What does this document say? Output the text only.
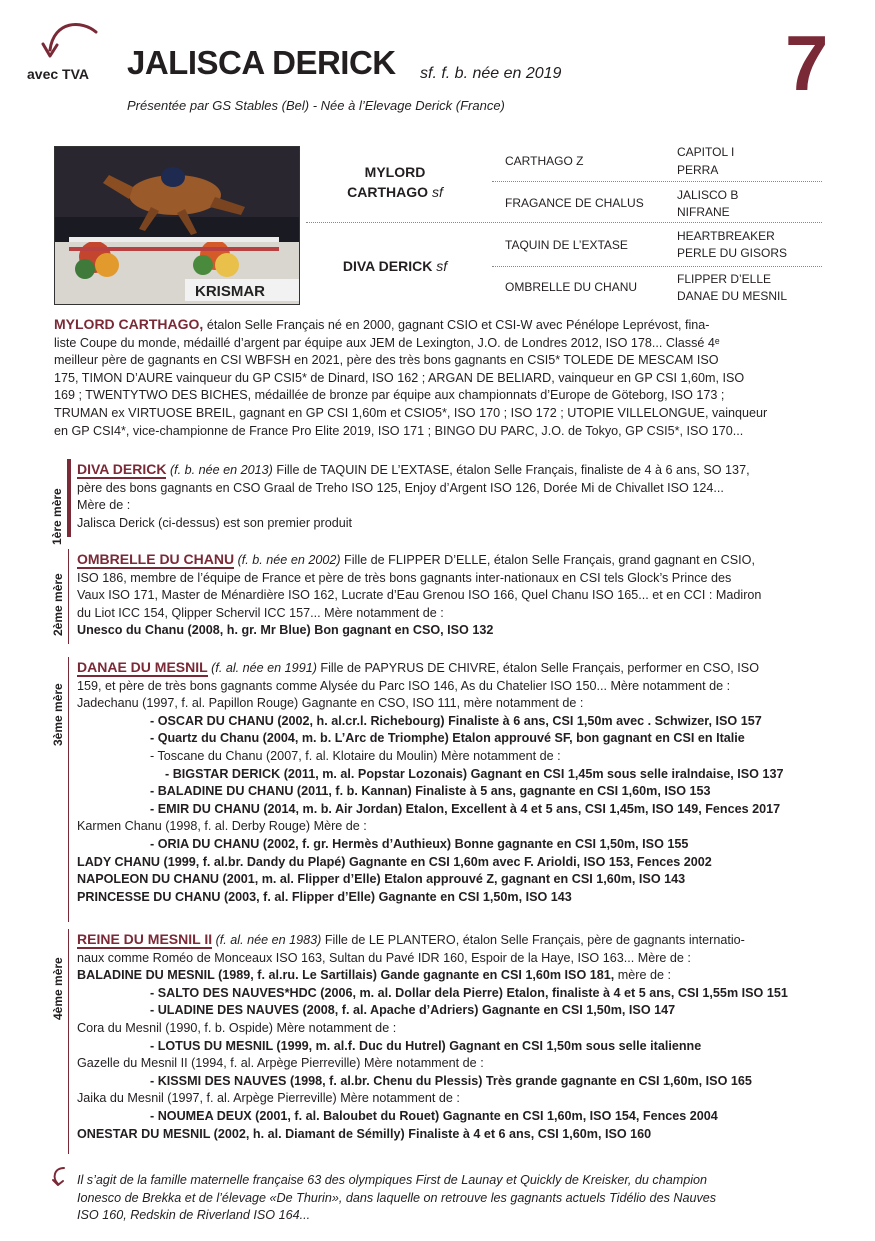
avec TVA JALISCA DERICK sf. f. b. née en 2019
Présentée par GS Stables (Bel) - Née à l’Elevage Derick (France)	7
KRISMAR
MYLORD
CARTHAGO sf
DIVA DERICK sf
CARTHAGO Z
CAPITOL I
PERRA
FRAGANCE DE CHALUS
JALISCO B
NIFRANE
TAQUIN DE L’EXTASE
HEARTBREAKER
PERLE DU GISORS
OMBRELLE DU CHANU
FLIPPER D’ELLE
DANAE DU MESNIL

MYLORD CARTHAGO, étalon Selle Français né en 2000, gagnant CSIO et CSI-W avec Pénélope Leprévost, fina-

liste Coupe du monde, médaillé d’argent par équipe aux JEM de Lexington, J.O. de Londres 2012, ISO 178... Classé 4ᵉ

meilleur père de gagnants en CSI WBFSH en 2021, père des très bons gagnants en CSI5* TOLEDE DE MESCAM ISO

175, TIMON D’AURE vainqueur du GP CSI5* de Dinard, ISO 162 ; ARGAN DE BELIARD, vainqueur en GP CSI 1,60m, ISO

169 ; TWENTYTWO DES BICHES, médaillée de bronze par équipe aux championnats d’Europe de Göteborg, ISO 173 ;

TRUMAN ex VIRTUOSE BREIL, gagnant en GP CSI 1,60m et CSIO5*, ISO 170 ; ISO 172 ; UTOPIE VILLELONGUE, vainqueur

en GP CSI4*, vice-championne de France Pro Elite 2019, ISO 171 ; BINGO DU PARC, J.O. de Tokyo, GP CSI5*, ISO 170...

1ère mère

DIVA DERICK (f. b. née en 2013) Fille de TAQUIN DE L’EXTASE, étalon Selle Français, finaliste de 4 à 6 ans, SO 137,

père des bons gagnants en CSO Graal de Treho ISO 125, Enjoy d’Argent ISO 126, Dorée Mi de Chivallet ISO 124...

Mère de :

Jalisca Derick (ci-dessus) est son premier produit

2ème mère

OMBRELLE DU CHANU (f. b. née en 2002) Fille de FLIPPER D’ELLE, étalon Selle Français, grand gagnant en CSIO,

ISO 186, membre de l’équipe de France et père de très bons gagnants inter-nationaux en CSI tels Glock’s Prince des

Vaux ISO 171, Master de Ménardière ISO 162, Lucrate d’Eau Grenou ISO 166, Quel Chanu ISO 165... et en CCI : Madiron

du Liot ICC 154, Qlipper Schervil ICC 157... Mère notamment de :

Unesco du Chanu (2008, h. gr. Mr Blue) Bon gagnant en CSO, ISO 132

3ème mère

DANAE DU MESNIL (f. al. née en 1991) Fille de PAPYRUS DE CHIVRE, étalon Selle Français, performer en CSO, ISO

159, et père de très bons gagnants comme Alysée du Parc ISO 146, As du Chatelier ISO 150... Mère notamment de :

Jadechanu (1997, f. al. Papillon Rouge) Gagnante en CSO, ISO 111, mère notamment de :

- OSCAR DU CHANU (2002, h. al.cr.l. Richebourg) Finaliste à 6 ans, CSI 1,50m avec . Schwizer, ISO 157

- Quartz du Chanu (2004, m. b. L’Arc de Triomphe) Etalon approuvé SF, bon gagnant en CSI en Italie

- Toscane du Chanu (2007, f. al. Klotaire du Moulin) Mère notamment de :

- BIGSTAR DERICK (2011, m. al. Popstar Lozonais) Gagnant en CSI 1,45m sous selle iralndaise, ISO 137

- BALADINE DU CHANU (2011, f. b. Kannan) Finaliste à 5 ans, gagnante en CSI 1,60m, ISO 153

- EMIR DU CHANU (2014, m. b. Air Jordan) Etalon, Excellent à 4 et 5 ans, CSI 1,45m, ISO 149, Fences 2017

Karmen Chanu (1998, f. al. Derby Rouge) Mère de :

- ORIA DU CHANU (2002, f. gr. Hermès d’Authieux) Bonne gagnante en CSI 1,50m, ISO 155

LADY CHANU (1999, f. al.br. Dandy du Plapé) Gagnante en CSI 1,60m avec F. Arioldi, ISO 153, Fences 2002

NAPOLEON DU CHANU (2001, m. al. Flipper d’Elle) Etalon approuvé Z, gagnant en CSI 1,60m, ISO 143

PRINCESSE DU CHANU (2003, f. al. Flipper d’Elle) Gagnante en CSI 1,50m, ISO 143

4ème mère

REINE DU MESNIL II (f. al. née en 1983) Fille de LE PLANTERO, étalon Selle Français, père de gagnants internatio-

naux comme Roméo de Monceaux ISO 163, Sultan du Pavé IDR 160, Espoir de la Haye, ISO 163... Mère de :

BALADINE DU MESNIL (1989, f. al.ru. Le Sartillais) Gande gagnante en CSI 1,60m ISO 181, mère de :

- SALTO DES NAUVES*HDC (2006, m. al. Dollar dela Pierre) Etalon, finaliste à 4 et 5 ans, CSI 1,55m ISO 151

- ULADINE DES NAUVES (2008, f. al. Apache d’Adriers) Gagnante en CSI 1,50m, ISO 147

Cora du Mesnil (1990, f. b. Ospide) Mère notamment de :

- LOTUS DU MESNIL (1999, m. al.f. Duc du Hutrel) Gagnant en CSI 1,50m sous selle italienne

Gazelle du Mesnil II (1994, f. al. Arpège Pierreville) Mère notamment de :

- KISSMI DES NAUVES (1998, f. al.br. Chenu du Plessis) Très grande gagnante en CSI 1,60m, ISO 165

Jaika du Mesnil (1997, f. al. Arpège Pierreville) Mère notamment de :

- NOUMEA DEUX (2001, f. al. Baloubet du Rouet) Gagnante en CSI 1,60m, ISO 154, Fences 2004

ONESTAR DU MESNIL (2002, h. al. Diamant de Sémilly) Finaliste à 4 et 6 ans, CSI 1,60m, ISO 160

Il s’agit de la famille maternelle française 63 des olympiques First de Launay et Quickly de Kreisker, du champion

Ionesco de Brekka et de l’élevage «De Thurin», dans laquelle on retrouve les gagnants actuels Tidélio des Nauves

ISO 160, Redskin de Riverland ISO 164...
